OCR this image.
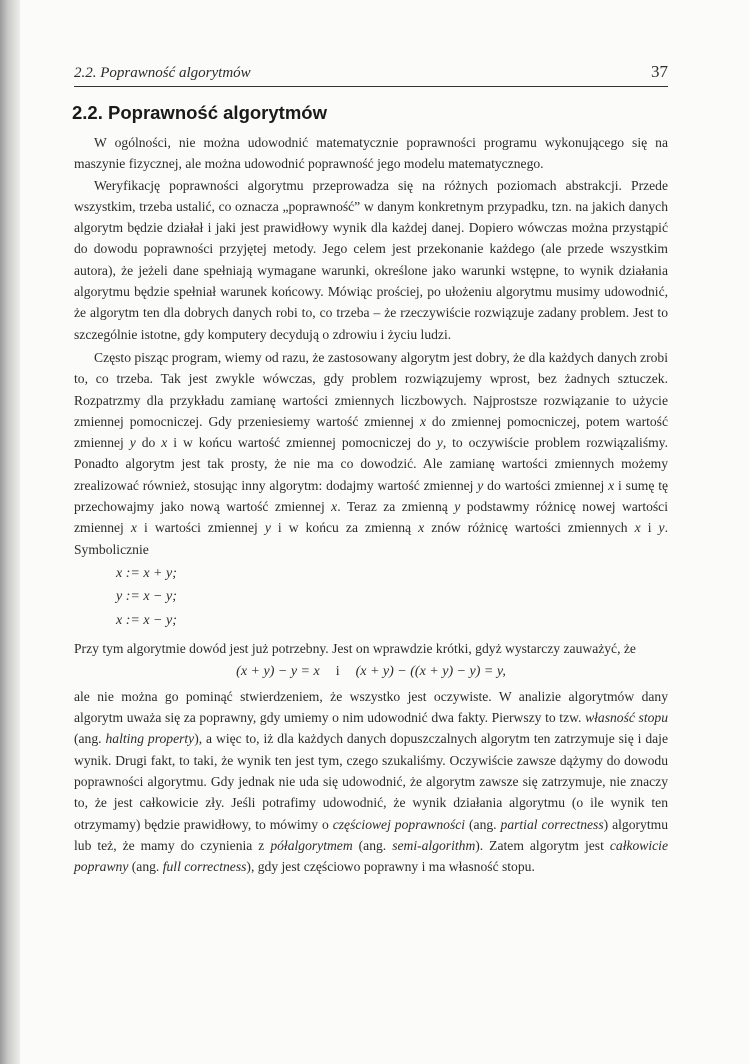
2.2. Poprawność algorytmów	37
2.2. Poprawność algorytmów

W ogólności, nie można udowodnić matematycznie poprawności programu wykonującego się na maszynie fizycznej, ale można udowodnić poprawność jego modelu matematycznego.

Weryfikację poprawności algorytmu przeprowadza się na różnych poziomach abstrakcji. Przede wszystkim, trzeba ustalić, co oznacza „poprawność” w danym konkretnym przypadku, tzn. na jakich danych algorytm będzie działał i jaki jest prawidłowy wynik dla każdej danej. Dopiero wówczas można przystąpić do dowodu poprawności przyjętej metody. Jego celem jest przekonanie każdego (ale przede wszystkim autora), że jeżeli dane spełniają wymagane warunki, określone jako warunki wstępne, to wynik działania algorytmu będzie spełniał warunek końcowy. Mówiąc prościej, po ułożeniu algorytmu musimy udowodnić, że algorytm ten dla dobrych danych robi to, co trzeba – że rzeczywiście rozwiązuje zadany problem. Jest to szczególnie istotne, gdy komputery decydują o zdrowiu i życiu ludzi.

Często pisząc program, wiemy od razu, że zastosowany algorytm jest dobry, że dla każdych danych zrobi to, co trzeba. Tak jest zwykle wówczas, gdy problem rozwiązujemy wprost, bez żadnych sztuczek. Rozpatrzmy dla przykładu zamianę wartości zmiennych liczbowych. Najprostsze rozwiązanie to użycie zmiennej pomocniczej. Gdy przeniesiemy wartość zmiennej x do zmiennej pomocniczej, potem wartość zmiennej y do x i w końcu wartość zmiennej pomocniczej do y, to oczywiście problem rozwiązaliśmy. Ponadto algorytm jest tak prosty, że nie ma co dowodzić. Ale zamianę wartości zmiennych możemy zrealizować również, stosując inny algorytm: dodajmy wartość zmiennej y do wartości zmiennej x i sumę tę przechowajmy jako nową wartość zmiennej x. Teraz za zmienną y podstawmy różnicę nowej wartości zmiennej x i wartości zmiennej y i w końcu za zmienną x znów różnicę wartości zmiennych x i y. Symbolicznie

x := x + y;
y := x − y;
x := x − y;

Przy tym algorytmie dowód jest już potrzebny. Jest on wprawdzie krótki, gdyż wystarczy zauważyć, że

(x + y) − y = x i (x + y) − ((x + y) − y) = y,

ale nie można go pominąć stwierdzeniem, że wszystko jest oczywiste. W analizie algorytmów dany algorytm uważa się za poprawny, gdy umiemy o nim udowodnić dwa fakty. Pierwszy to tzw. własność stopu (ang. halting property), a więc to, iż dla każdych danych dopuszczalnych algorytm ten zatrzymuje się i daje wynik. Drugi fakt, to taki, że wynik ten jest tym, czego szukaliśmy. Oczywiście zawsze dążymy do dowodu poprawności algorytmu. Gdy jednak nie uda się udowodnić, że algorytm zawsze się zatrzymuje, nie znaczy to, że jest całkowicie zły. Jeśli potrafimy udowodnić, że wynik działania algorytmu (o ile wynik ten otrzymamy) będzie prawidłowy, to mówimy o częściowej poprawności (ang. partial correctness) algorytmu lub też, że mamy do czynienia z półalgorytmem (ang. semi-algorithm). Zatem algorytm jest całkowicie poprawny (ang. full correctness), gdy jest częściowo poprawny i ma własność stopu.
